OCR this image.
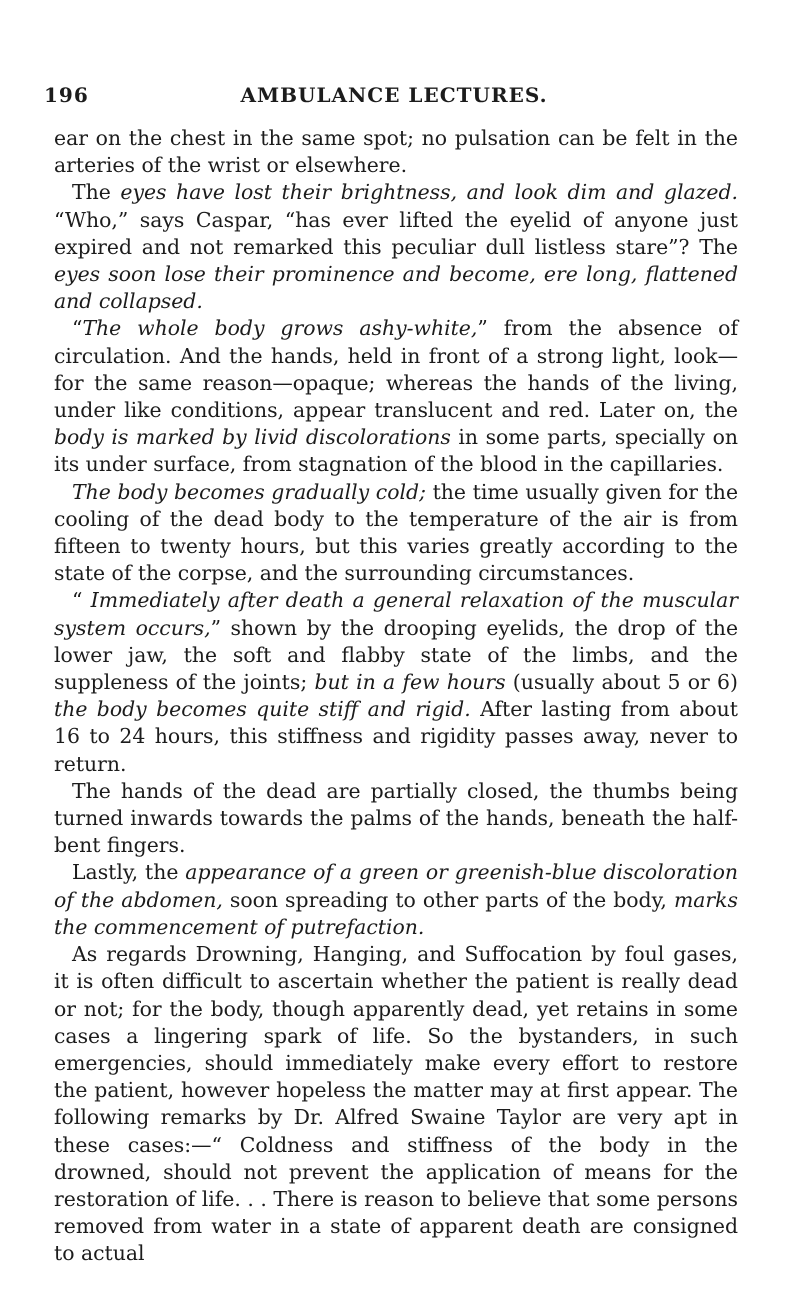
196	AMBULANCE LECTURES.

ear on the chest in the same spot; no pulsation can be felt in the arteries of the wrist or elsewhere.

The eyes have lost their brightness, and look dim and glazed. “Who,” says Caspar, “has ever lifted the eyelid of anyone just expired and not remarked this peculiar dull listless stare”? The eyes soon lose their prominence and become, ere long, flattened and collapsed.

“The whole body grows ashy-white,” from the absence of circulation. And the hands, held in front of a strong light, look—for the same reason—opaque; whereas the hands of the living, under like conditions, appear translucent and red. Later on, the body is marked by livid discolorations in some parts, specially on its under surface, from stagnation of the blood in the capillaries.

The body becomes gradually cold; the time usually given for the cooling of the dead body to the temperature of the air is from fifteen to twenty hours, but this varies greatly according to the state of the corpse, and the surrounding circumstances.

“ Immediately after death a general relaxation of the muscular system occurs,” shown by the drooping eyelids, the drop of the lower jaw, the soft and flabby state of the limbs, and the suppleness of the joints; but in a few hours (usually about 5 or 6) the body becomes quite stiff and rigid. After lasting from about 16 to 24 hours, this stiffness and rigidity passes away, never to return.

The hands of the dead are partially closed, the thumbs being turned inwards towards the palms of the hands, beneath the half-bent fingers.

Lastly, the appearance of a green or greenish-blue discoloration of the abdomen, soon spreading to other parts of the body, marks the commencement of putrefaction.

As regards Drowning, Hanging, and Suffocation by foul gases, it is often difficult to ascertain whether the patient is really dead or not; for the body, though apparently dead, yet retains in some cases a lingering spark of life. So the bystanders, in such emergencies, should immediately make every effort to restore the patient, however hopeless the matter may at first appear. The following remarks by Dr. Alfred Swaine Taylor are very apt in these cases:—“ Coldness and stiffness of the body in the drowned, should not prevent the application of means for the restoration of life. . . There is reason to believe that some persons removed from water in a state of apparent death are consigned to actual
